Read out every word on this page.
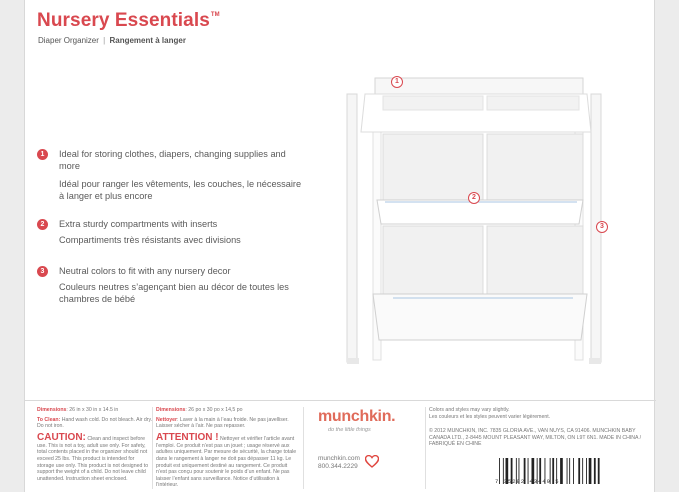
Nursery Essentials™
Diaper Organizer | Rangement à langer
1	Ideal for storing clothes, diapers, changing supplies and more
Idéal pour ranger les vêtements, les couches, le nécessaire à langer et plus encore
2	Extra sturdy compartments with inserts
Compartiments très résistants avec divisions
3	Neutral colors to fit with any nursery decor
Couleurs neutres s’agençant bien au décor de toutes les chambres de bébé
1
2
3
Dimensions: 26 in x 30 in x 14.5 in
To Clean: Hand wash cold. Do not bleach. Air dry. Do not iron.
CAUTION: Clean and inspect before use. This is not a toy, adult use only. For safety, total contents placed in the organizer should not exceed 25 lbs. This product is intended for storage use only. This product is not designed to support the weight of a child. Do not leave child unattended. Instruction sheet enclosed.
Dimensions: 26 po x 30 po x 14,5 po
Nettoyer: Laver à la main à l’eau froide. Ne pas javelliser. Laisser sécher à l’air. Ne pas repasser.
ATTENTION ! Nettoyer et vérifier l’article avant l’emploi. Ce produit n’est pas un jouet ; usage réservé aux adultes uniquement. Par mesure de sécurité, la charge totale dans le rangement à langer ne doit pas dépasser 11 kg. Le produit est uniquement destiné au rangement. Ce produit n’est pas conçu pour soutenir le poids d’un enfant. Ne pas laisser l’enfant sans surveillance. Notice d’utilisation à l’intérieur.
Colors and styles may vary slightly.
Les couleurs et les styles peuvent varier légèrement.
© 2012 MUNCHKIN, INC. 7835 GLORIA AVE., VAN NUYS, CA 91406. MUNCHKIN BABY CANADA LTD., 2-8445 MOUNT PLEASANT WAY, MILTON, ON L9T 6N1. MADE IN CHINA / FABRIQUÉ EN CHINE
munchkin.
do the little things
munchkin.com
800.344.2229
7 35282 43449 5
